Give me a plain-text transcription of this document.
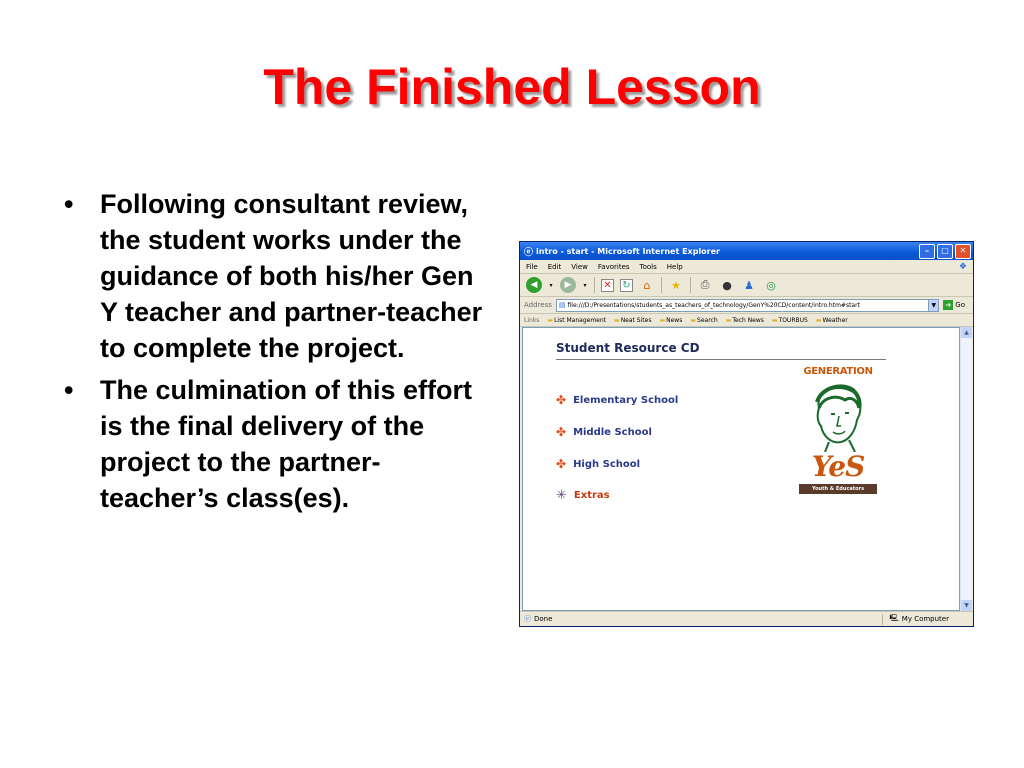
The Finished Lesson
• Following consultant review, the student works under the guidance of both his/her Gen Y teacher and partner-teacher to complete the project.
• The culmination of this effort is the final delivery of the project to the partner-teacher’s class(es).
ⓔ intro - start - Microsoft Internet Explorer	–	□	✕
File Edit View Favorites Tools Help	❖
◀	▾	▶	▾ ✕ ↻	⌂	★	⎙	● ♟ ◎
Address ▤ file:///D:/Presentations/students_as_teachers_of_technology/GenY%20CD/content/intro.htm#start	▼	➜ Go
Links ▬List Management ▬Neat Sites ▬News ▬Search ▬Tech News ▬TOURBUS ▬Weather
Student Resource CD
✤ Elementary School
✤ Middle School
✤ High School
✳ Extras
GENERATION
YeS
Youth & Educators Succeeding
▲
▼
ⓔ Done	🖳 My Computer
